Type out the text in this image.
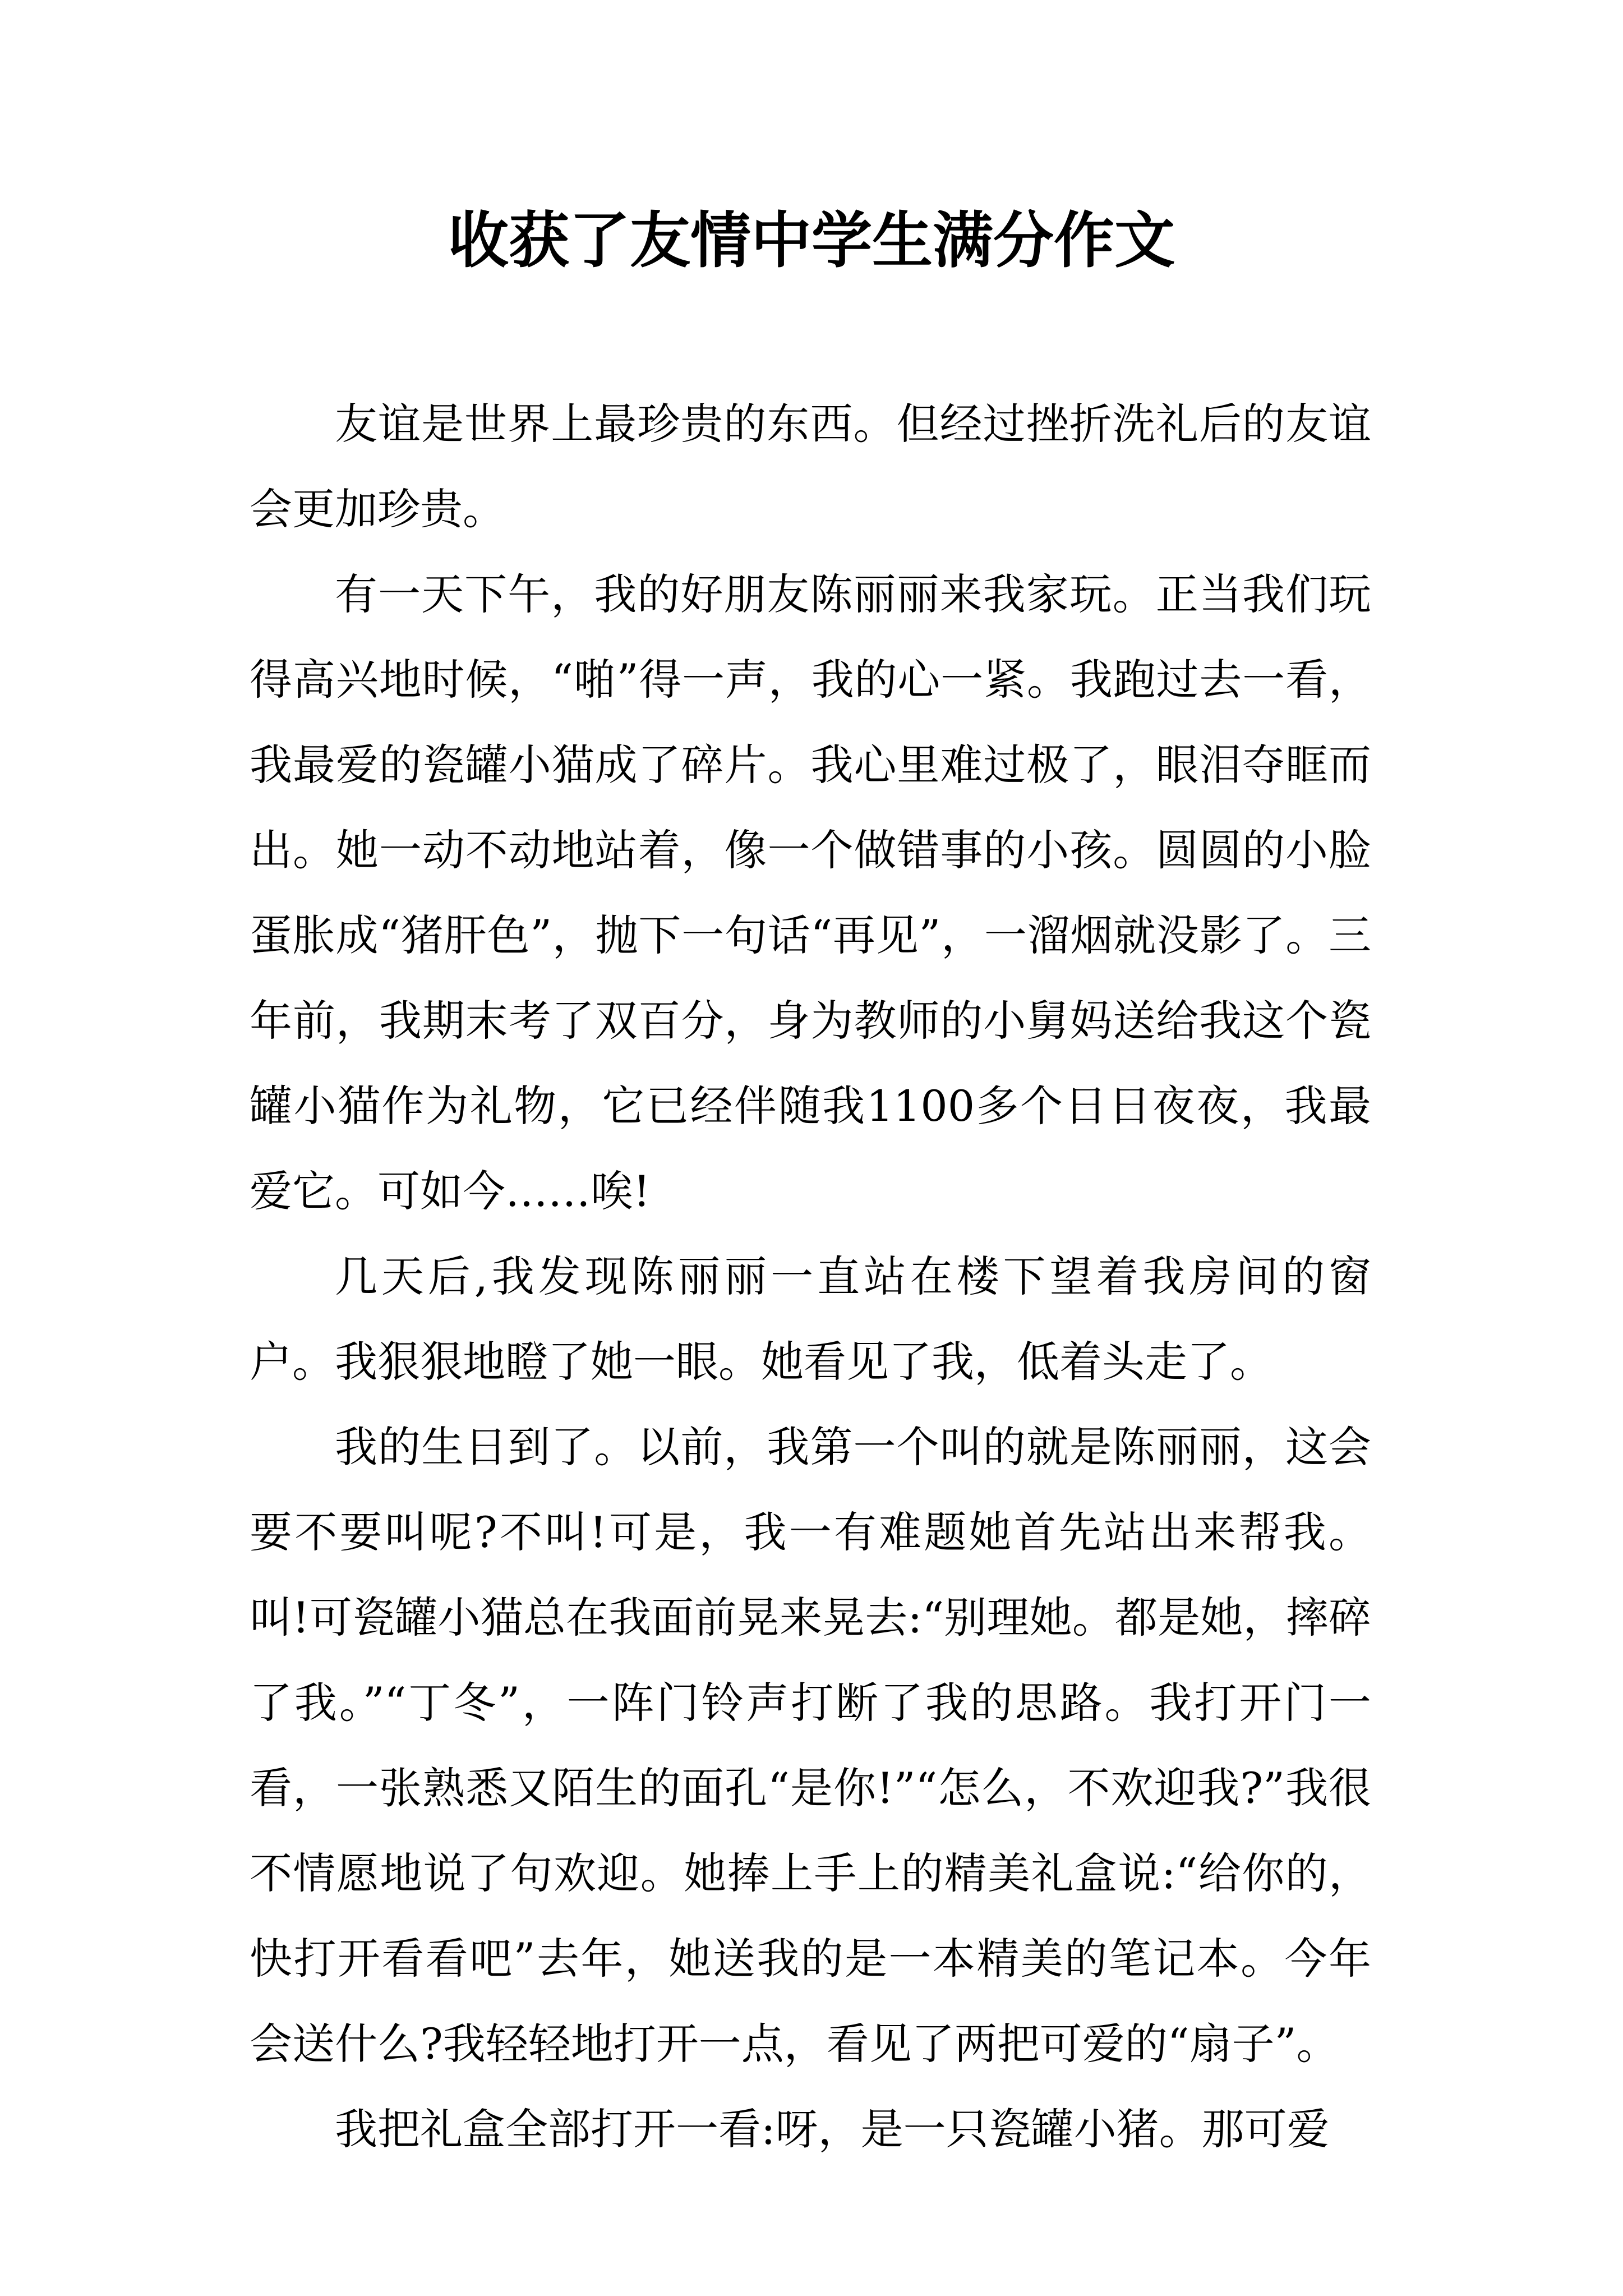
收获了友情中学生满分作文

友谊是世界上最珍贵的东西。但经过挫折洗礼后的友谊会更加珍贵。

有一天下午，我的好朋友陈丽丽来我家玩。正当我们玩得高兴地时候，“啪”得一声，我的心一紧。我跑过去一看，我最爱的瓷罐小猫成了碎片。我心里难过极了，眼泪夺眶而出。她一动不动地站着，像一个做错事的小孩。圆圆的小脸蛋胀成“猪肝色”，抛下一句话“再见”，一溜烟就没影了。三年前，我期末考了双百分，身为教师的小舅妈送给我这个瓷罐小猫作为礼物，它已经伴随我1100多个日日夜夜，我最爱它。可如今……唉!

几天后,我发现陈丽丽一直站在楼下望着我房间的窗户。我狠狠地瞪了她一眼。她看见了我，低着头走了。

我的生日到了。以前，我第一个叫的就是陈丽丽，这会要不要叫呢?不叫!可是，我一有难题她首先站出来帮我。叫!可瓷罐小猫总在我面前晃来晃去:“别理她。都是她，摔碎了我。”“丁冬”，一阵门铃声打断了我的思路。我打开门一看，一张熟悉又陌生的面孔“是你!”“怎么，不欢迎我?”我很不情愿地说了句欢迎。她捧上手上的精美礼盒说:“给你的，快打开看看吧”去年，她送我的是一本精美的笔记本。今年会送什么?我轻轻地打开一点，看见了两把可爱的“扇子”。

我把礼盒全部打开一看:呀，是一只瓷罐小猪。那可爱
